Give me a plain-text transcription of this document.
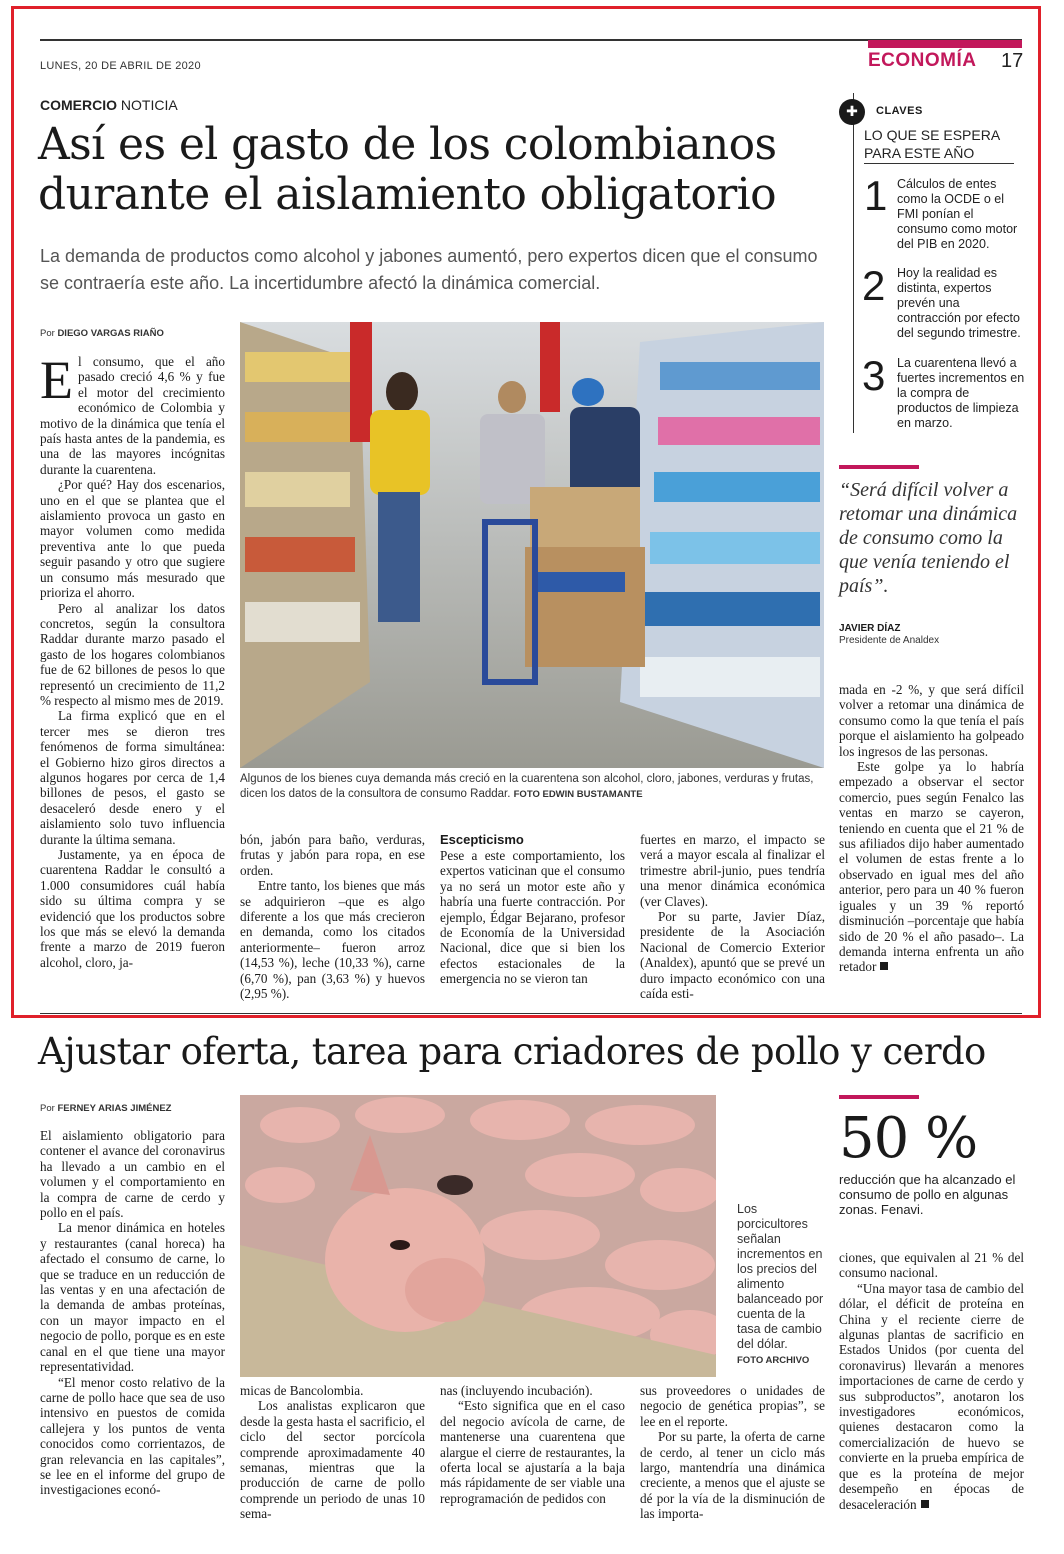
LUNES, 20 DE ABRIL DE 2020	ECONOMÍA 17
COMERCIO NOTICIA
Así es el gasto de los colombianos durante el aislamiento obligatorio
La demanda de productos como alcohol y jabones aumentó, pero expertos dicen que el consumo se contraería este año. La incertidumbre afectó la dinámica comercial.
Por DIEGO VARGAS RIAÑO

El consumo, que el año pasado creció 4,6 % y fue el motor del crecimiento económico de Colombia y motivo de la dinámica que tenía el país hasta antes de la pandemia, es una de las mayores incógnitas durante la cuarentena.

¿Por qué? Hay dos escenarios, uno en el que se plantea que el aislamiento provoca un gasto en mayor volumen como medida preventiva ante lo que pueda seguir pasando y otro que sugiere un consumo más mesurado que prioriza el ahorro.

Pero al analizar los datos concretos, según la consultora Raddar durante marzo pasado el gasto de los hogares colombianos fue de 62 billones de pesos lo que representó un crecimiento de 11,2 % respecto al mismo mes de 2019.

La firma explicó que en el tercer mes se dieron tres fenómenos de forma simultánea: el Gobierno hizo giros directos a algunos hogares por cerca de 1,4 billones de pesos, el gasto se desaceleró desde enero y el aislamiento solo tuvo influencia durante la última semana.

Justamente, ya en época de cuarentena Raddar le consultó a 1.000 consumidores cuál había sido su última compra y se evidenció que los productos sobre los que más se elevó la demanda frente a marzo de 2019 fueron alcohol, cloro, ja-

Algunos de los bienes cuya demanda más creció en la cuarentena son alcohol, cloro, jabones, verduras y frutas, dicen los datos de la consultora de consumo Raddar. FOTO EDWIN BUSTAMANTE

bón, jabón para baño, verduras, frutas y jabón para ropa, en ese orden.

Entre tanto, los bienes que más se adquirieron –que es algo diferente a los que más crecieron en demanda, como los citados anteriormente– fueron arroz (14,53 %), leche (10,33 %), carne (6,70 %), pan (3,63 %) y huevos (2,95 %).

Escepticismo

Pese a este comportamiento, los expertos vaticinan que el consumo ya no será un motor este año y habría una fuerte contracción. Por ejemplo, Édgar Bejarano, profesor de Economía de la Universidad Nacional, dice que si bien los efectos estacionales de la emergencia no se vieron tan

fuertes en marzo, el impacto se verá a mayor escala al finalizar el trimestre abril-junio, pues tendría una menor dinámica económica (ver Claves).

Por su parte, Javier Díaz, presidente de la Asociación Nacional de Comercio Exterior (Analdex), apuntó que se prevé un duro impacto económico con una caída esti-

mada en -2 %, y que será difícil volver a retomar una dinámica de consumo como la que tenía el país porque el aislamiento ha golpeado los ingresos de las personas.

Este golpe ya lo habría empezado a observar el sector comercio, pues según Fenalco las ventas en marzo se cayeron, teniendo en cuenta que el 21 % de sus afiliados dijo haber aumentado el volumen de estas frente a lo observado en igual mes del año anterior, pero para un 40 % fueron iguales y un 39 % reportó disminución –porcentaje que había sido de 20 % el año pasado–. La demanda interna enfrenta un año retador

✚	CLAVES
LO QUE SE ESPERA PARA ESTE AÑO
1 Cálculos de entes como la OCDE o el FMI ponían el consumo como motor del PIB en 2020.
2 Hoy la realidad es distinta, expertos prevén una contracción por efecto del segundo trimestre.
3 La cuarentena llevó a fuertes incrementos en la compra de productos de limpieza en marzo.
“Será difícil volver a retomar una dinámica de consumo como la que venía teniendo el país”.
JAVIER DÍAZ
Presidente de Analdex
Ajustar oferta, tarea para criadores de pollo y cerdo
Por FERNEY ARIAS JIMÉNEZ

El aislamiento obligatorio para contener el avance del coronavirus ha llevado a un cambio en el volumen y el comportamiento en la compra de carne de cerdo y pollo en el país.

La menor dinámica en hoteles y restaurantes (canal horeca) ha afectado el consumo de carne, lo que se traduce en un reducción de las ventas y en una afectación de la demanda de ambas proteínas, con un mayor impacto en el negocio de pollo, porque es en este canal en el que tiene una mayor representatividad.

“El menor costo relativo de la carne de pollo hace que sea de uso intensivo en puestos de comida callejera y los puntos de venta conocidos como corrientazos, de gran relevancia en las capitales”, se lee en el informe del grupo de investigaciones econó-

Los porcicultores señalan incrementos en los precios del alimento balanceado por cuenta de la tasa de cambio del dólar.
FOTO ARCHIVO
50 %
reducción que ha alcanzado el consumo de pollo en algunas zonas. Fenavi.

micas de Bancolombia.

Los analistas explicaron que desde la gesta hasta el sacrificio, el ciclo del sector porcícola comprende aproximadamente 40 semanas, mientras que la producción de carne de pollo comprende un periodo de unas 10 sema-

nas (incluyendo incubación).

“Esto significa que en el caso del negocio avícola de carne, de mantenerse una cuarentena que alargue el cierre de restaurantes, la oferta local se ajustaría a la baja más rápidamente de ser viable una reprogramación de pedidos con

sus proveedores o unidades de negocio de genética propias”, se lee en el reporte.

Por su parte, la oferta de carne de cerdo, al tener un ciclo más largo, mantendría una dinámica creciente, a menos que el ajuste se dé por la vía de la disminución de las importa-

ciones, que equivalen al 21 % del consumo nacional.

“Una mayor tasa de cambio del dólar, el déficit de proteína en China y el reciente cierre de algunas plantas de sacrificio en Estados Unidos (por cuenta del coronavirus) llevarán a menores importaciones de carne de cerdo y sus subproductos”, anotaron los investigadores económicos, quienes destacaron como la comercialización de huevo se convierte en la prueba empírica de que es la proteína de mejor desempeño en épocas de desaceleración
